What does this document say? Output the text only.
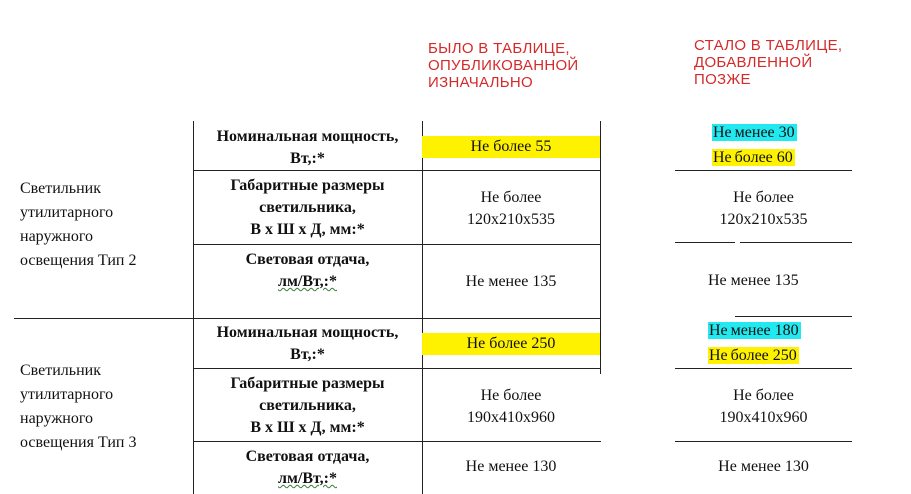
БЫЛО В ТАБЛИЦЕ,
ОПУБЛИКОВАННОЙ
ИЗНАЧАЛЬНО
СТАЛО В ТАБЛИЦЕ,
ДОБАВЛЕННОЙ
ПОЗЖЕ
Светильник
утилитарного
наружного
освещения Тип 2
Светильник
утилитарного
наружного
освещения Тип 3
Номинальная мощность,
Вт,:*
Габаритные размеры
светильника,
В х Ш х Д, мм:*
Световая отдача,
лм/Вт,:*
Не более 55
Не более
120x210x535
Не менее 135
Не менее 30
Не более 60
Не более
120x210x535
Не менее 135
Номинальная мощность,
Вт,:*
Габаритные размеры
светильника,
В х Ш х Д, мм:*
Световая отдача,
лм/Вт,:*
Не более 250
Не более
190x410x960
Не менее 130
Не менее 180
Не более 250
Не более
190x410x960
Не менее 130
